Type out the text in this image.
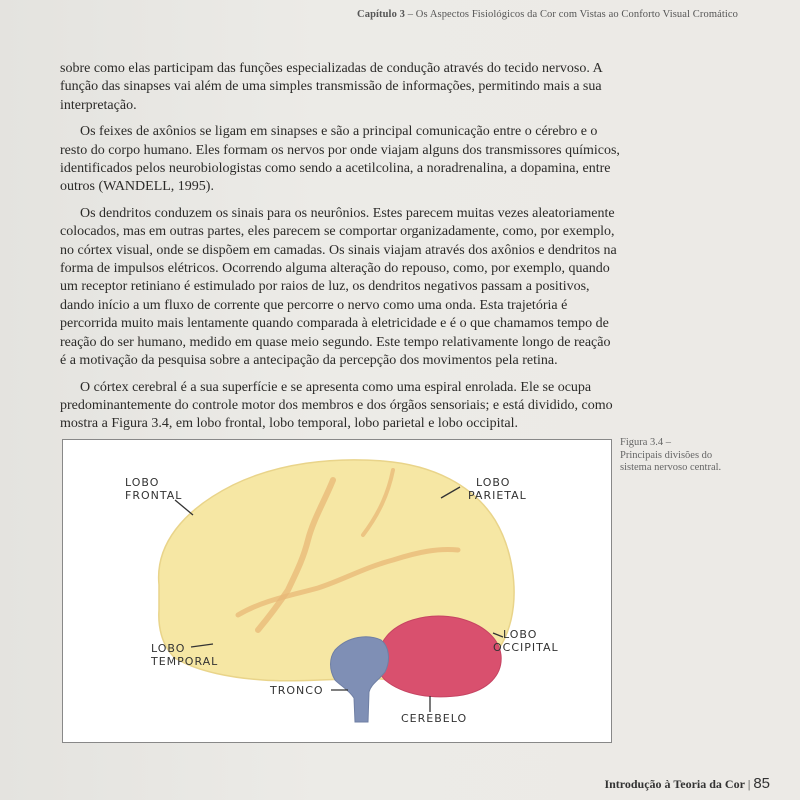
Capítulo 3 – Os Aspectos Fisiológicos da Cor com Vistas ao Conforto Visual Cromático

sobre como elas participam das funções especializadas de condução através do tecido nervoso. A função das sinapses vai além de uma simples transmissão de informações, permitindo mais a sua interpretação.

Os feixes de axônios se ligam em sinapses e são a principal comunicação entre o cérebro e o resto do corpo humano. Eles formam os nervos por onde viajam alguns dos transmissores químicos, identificados pelos neurobiologistas como sendo a acetilcolina, a noradrenalina, a dopamina, entre outros (WANDELL, 1995).

Os dendritos conduzem os sinais para os neurônios. Estes parecem muitas vezes aleatoriamente colocados, mas em outras partes, eles parecem se comportar organizadamente, como, por exemplo, no córtex visual, onde se dispõem em camadas. Os sinais viajam através dos axônios e dendritos na forma de impulsos elétricos. Ocorrendo alguma alteração do repouso, como, por exemplo, quando um receptor retiniano é estimulado por raios de luz, os dendritos negativos passam a positivos, dando início a um fluxo de corrente que percorre o nervo como uma onda. Esta trajetória é percorrida muito mais lentamente quando comparada à eletricidade e é o que chamamos tempo de reação do ser humano, medido em quase meio segundo. Este tempo relativamente longo de reação é a motivação da pesquisa sobre a antecipação da percepção dos movimentos pela retina.

O córtex cerebral é a sua superfície e se apresenta como uma espiral enrolada. Ele se ocupa predominantemente do controle motor dos membros e dos órgãos sensoriais; e está dividido, como mostra a Figura 3.4, em lobo frontal, lobo temporal, lobo parietal e lobo occipital.

LOBO
FRONTAL
LOBO
PARIETAL
LOBO
TEMPORAL
LOBO
OCCIPITAL
TRONCO
CEREBELO
Figura 3.4 –
Principais divisões do sistema nervoso central.
Introdução à Teoria da Cor | 85
